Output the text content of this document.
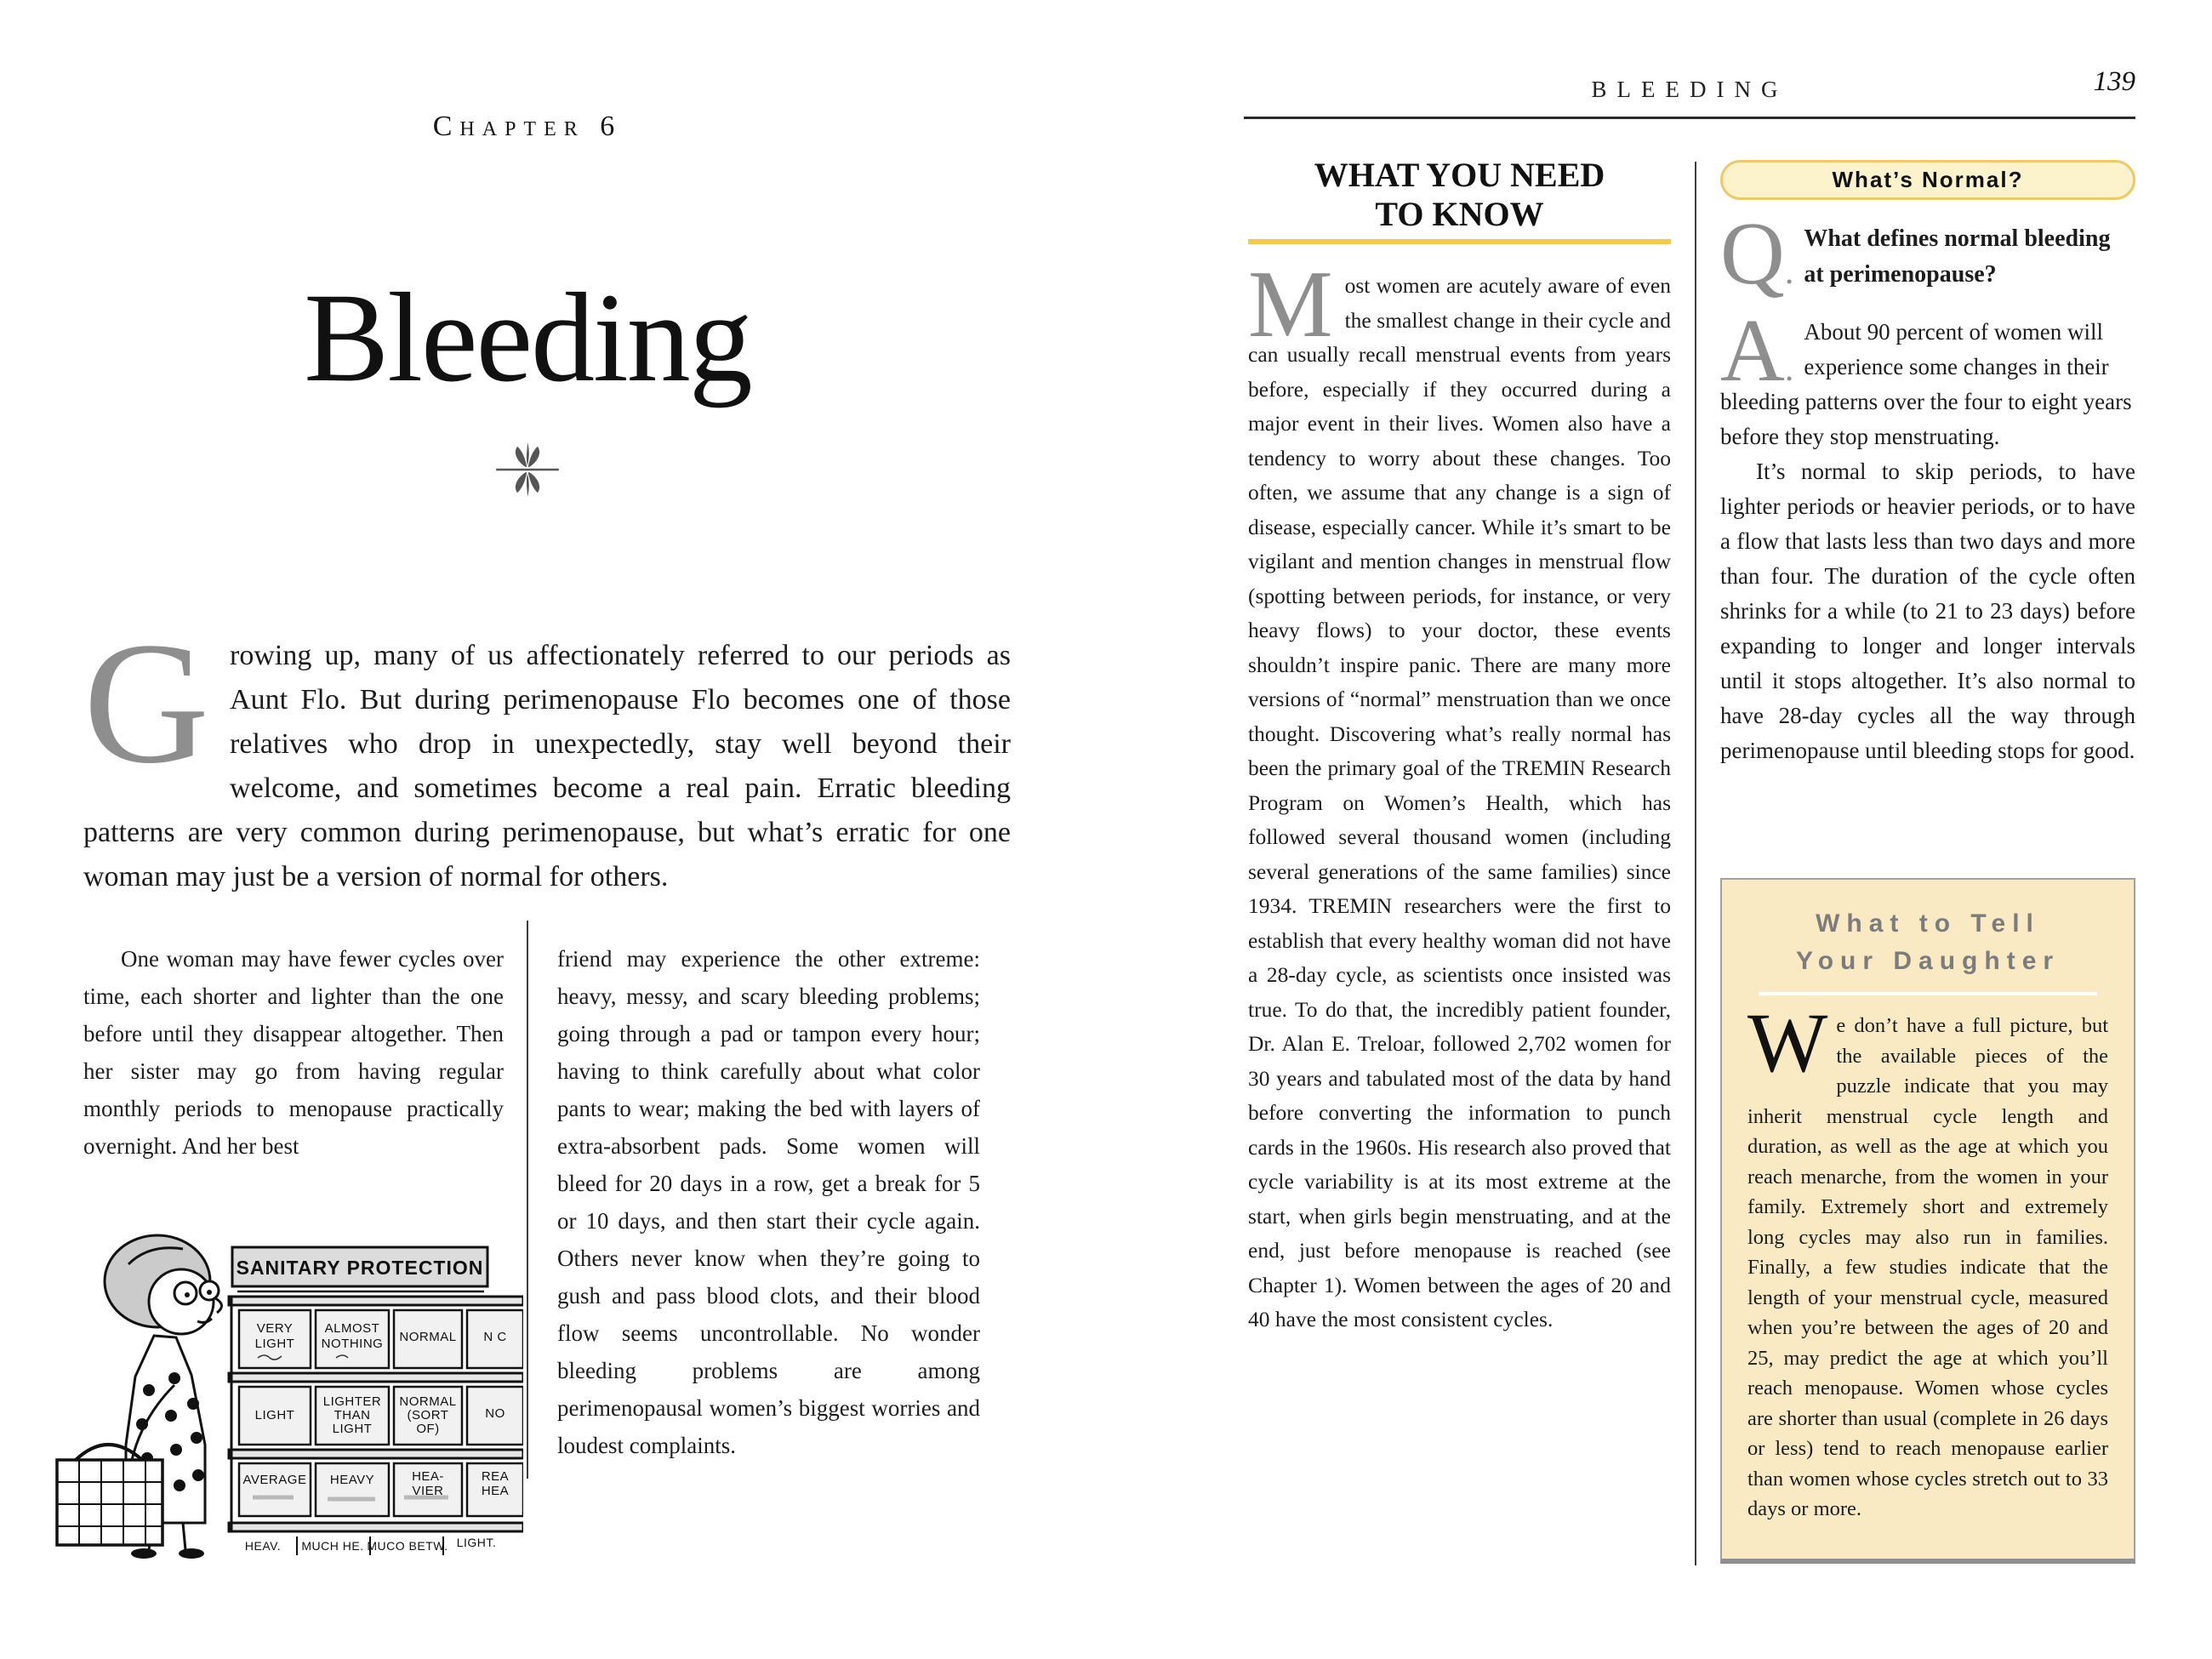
Chapter 6
Bleeding
Growing up, many of us affectionately referred to our periods as Aunt Flo. But during perimenopause Flo becomes one of those relatives who drop in unexpectedly, stay well beyond their welcome, and sometimes become a real pain. Erratic bleeding patterns are very common during perimenopause, but what’s erratic for one woman may just be a version of normal for others.

One woman may have fewer cycles over time, each shorter and lighter than the one before until they disappear altogether. Then her sister may go from having regular monthly periods to menopause practically overnight. And her best

friend may experience the other extreme: heavy, messy, and scary bleeding problems; going through a pad or tampon every hour; having to think carefully about what color pants to wear; making the bed with layers of extra-absorbent pads. Some women will bleed for 20 days in a row, get a break for 5 or 10 days, and then start their cycle again. Others never know when they’re going to gush and pass blood clots, and their blood flow seems uncontrollable. No wonder bleeding problems are among perimenopausal women’s biggest worries and loudest complaints.

SANITARY PROTECTION
VERY LIGHT
ALMOST NOTHING NORMAL N C
LIGHT
LIGHTER THAN LIGHT
NORMAL (SORT OF)
NO
AVERAGE HEAVY	HEA-VIER
REA HEA
HEAV. MUCH HE. MUCO BETW. LIGHT.
BLEEDING	139
WHAT YOU NEED
TO KNOW
Most women are acutely aware of even the smallest change in their cycle and can usually recall menstrual events from years before, especially if they occurred during a major event in their lives. Women also have a tendency to worry about these changes. Too often, we assume that any change is a sign of disease, especially cancer. While it’s smart to be vigilant and mention changes in menstrual flow (spotting between periods, for instance, or very heavy flows) to your doctor, these events shouldn’t inspire panic. There are many more versions of “normal” menstruation than we once thought. Discovering what’s really normal has been the primary goal of the TREMIN Research Program on Women’s Health, which has followed several thousand women (including several generations of the same families) since 1934. TREMIN researchers were the first to establish that every healthy woman did not have a 28-day cycle, as scientists once insisted was true. To do that, the incredibly patient founder, Dr. Alan E. Treloar, followed 2,702 women for 30 years and tabulated most of the data by hand before converting the information to punch cards in the 1960s. His research also proved that cycle variability is at its most extreme at the start, when girls begin menstruating, and at the end, just before menopause is reached (see Chapter 1). Women between the ages of 20 and 40 have the most consistent cycles.
What’s Normal?
Q.
What defines normal bleeding at perimenopause?
A.
About 90 percent of women will experience some changes in their bleeding patterns over the four to eight years before they stop menstruating.

It’s normal to skip periods, to have lighter periods or heavier periods, or to have a flow that lasts less than two days and more than four. The duration of the cycle often shrinks for a while (to 21 to 23 days) before expanding to longer and longer intervals until it stops altogether. It’s also normal to have 28-day cycles all the way through perimenopause until bleeding stops for good.

What to Tell
Your Daughter
We don’t have a full picture, but the available pieces of the puzzle indicate that you may inherit menstrual cycle length and duration, as well as the age at which you reach menarche, from the women in your family. Extremely short and extremely long cycles may also run in families. Finally, a few studies indicate that the length of your menstrual cycle, measured when you’re between the ages of 20 and 25, may predict the age at which you’ll reach menopause. Women whose cycles are shorter than usual (complete in 26 days or less) tend to reach menopause earlier than women whose cycles stretch out to 33 days or more.
